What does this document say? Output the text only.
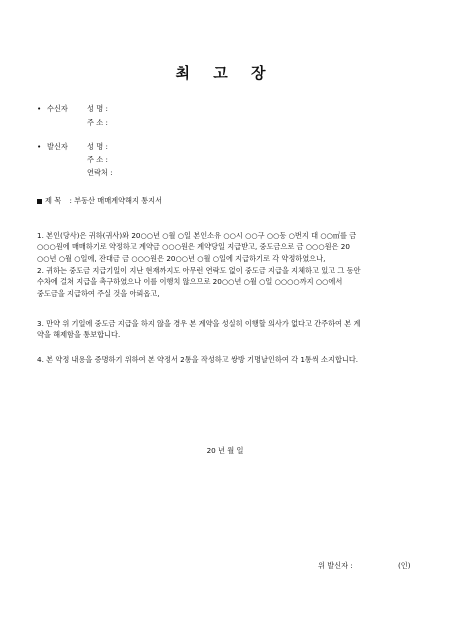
최 고 장
• 수신자	성 명 :
주 소 :
• 발신자	성 명 :
주 소 :
연락처 :
제 목 : 부동산 매매계약해지 통지서

1. 본인(당사)은 귀하(귀사)와 20○○년 ○월 ○일 본인소유 ○○시 ○○구 ○○동 ○번지 대 ○○㎡를 금

○○○원에 매매하기로 약정하고 계약금 ○○○원은 계약당일 지급받고, 중도금으로 금 ○○○원은 20

○○년 ○월 ○일에, 잔대금 금 ○○○원은 20○○년 ○월 ○일에 지급하기로 각 약정하였으나,

2. 귀하는 중도금 지급기일이 지난 현재까지도 아무런 연락도 없이 중도금 지급을 지체하고 있고 그 동안

수차에 걸쳐 지급을 촉구하였으나 이를 이행치 않으므로 20○○년 ○월 ○일 ○○○○까지 ○○에서

중도금을 지급하여 주실 것을 아뢰옵고,

3. 만약 위 기일에 중도금 지급을 하지 않을 경우 본 계약을 성실히 이행할 의사가 없다고 간주하여 본 계

약을 해제함을 통보합니다.

4. 본 약정 내용을 증명하기 위하여 본 약정서 2통을 작성하고 쌍방 기명날인하여 각 1통씩 소지합니다.

20 년 월 일
위 발신자 :	(인)
